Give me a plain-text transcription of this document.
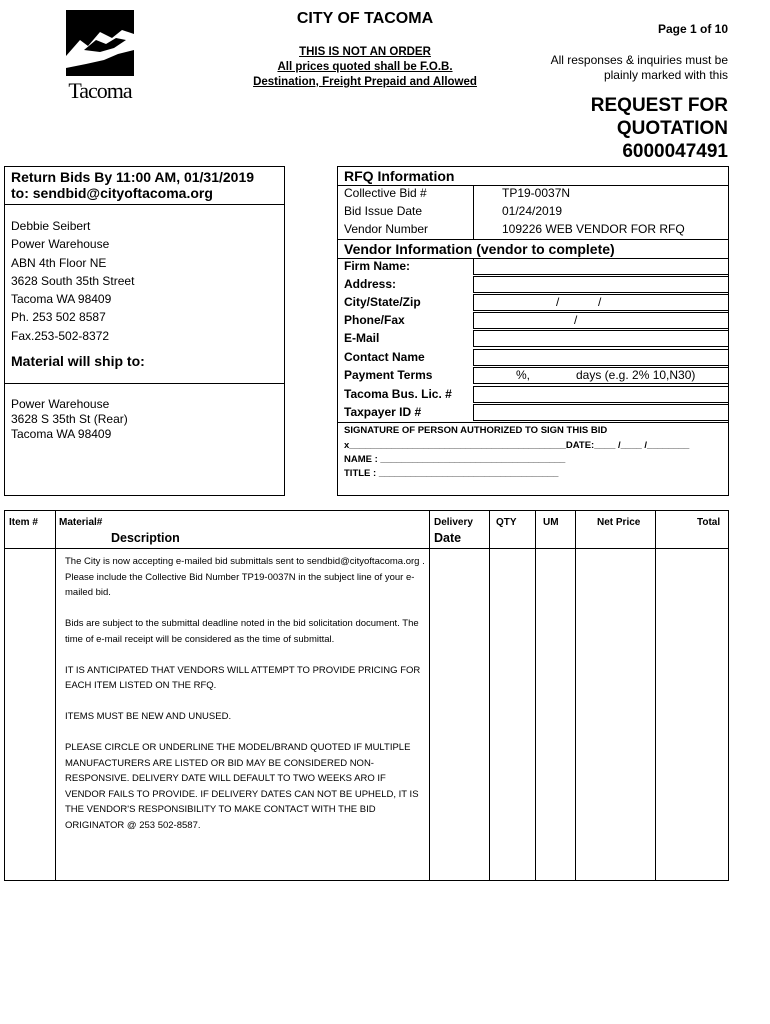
Tacoma
CITY OF TACOMA
THIS IS NOT AN ORDER
All prices quoted shall be F.O.B.
Destination, Freight Prepaid and Allowed
Page 1 of 10
All responses & inquiries must be
plainly marked with this
REQUEST FOR
QUOTATION
6000047491
Return Bids By 11:00 AM, 01/31/2019
to: sendbid@cityoftacoma.org
Debbie Seibert
Power Warehouse
ABN 4th Floor NE
3628 South 35th Street
Tacoma WA 98409
Ph. 253 502 8587
Fax.253-502-8372
Material will ship to:
Power Warehouse
3628 S 35th St (Rear)
Tacoma WA 98409
RFQ Information
Collective Bid #	TP19-0037N
Bid Issue Date	01/24/2019
Vendor Number	109226 WEB VENDOR FOR RFQ
Vendor Information (vendor to complete)
Firm Name:
Address:
City/State/Zip	/	/
Phone/Fax	/
E-Mail
Contact Name
Payment Terms	%,	days (e.g. 2% 10,N30)
Tacoma Bus. Lic. #
Taxpayer ID #
SIGNATURE OF PERSON AUTHORIZED TO SIGN THIS BID
x_________________________________________DATE:____ /____ /________
NAME : ___________________________________
TITLE : __________________________________
Item # Material#
Description
Delivery
Date
QTY	UM	Net Price	Total

The City is now accepting e-mailed bid submittals sent to sendbid@cityoftacoma.org . Please include the Collective Bid Number TP19-0037N in the subject line of your e-mailed bid.

Bids are subject to the submittal deadline noted in the bid solicitation document. The time of e-mail receipt will be considered as the time of submittal.

IT IS ANTICIPATED THAT VENDORS WILL ATTEMPT TO PROVIDE PRICING FOR EACH ITEM LISTED ON THE RFQ.

ITEMS MUST BE NEW AND UNUSED.

PLEASE CIRCLE OR UNDERLINE THE MODEL/BRAND QUOTED IF MULTIPLE MANUFACTURERS ARE LISTED OR BID MAY BE CONSIDERED NON-RESPONSIVE. DELIVERY DATE WILL DEFAULT TO TWO WEEKS ARO IF VENDOR FAILS TO PROVIDE. IF DELIVERY DATES CAN NOT BE UPHELD, IT IS THE VENDOR'S RESPONSIBILITY TO MAKE CONTACT WITH THE BID ORIGINATOR @ 253 502-8587.
